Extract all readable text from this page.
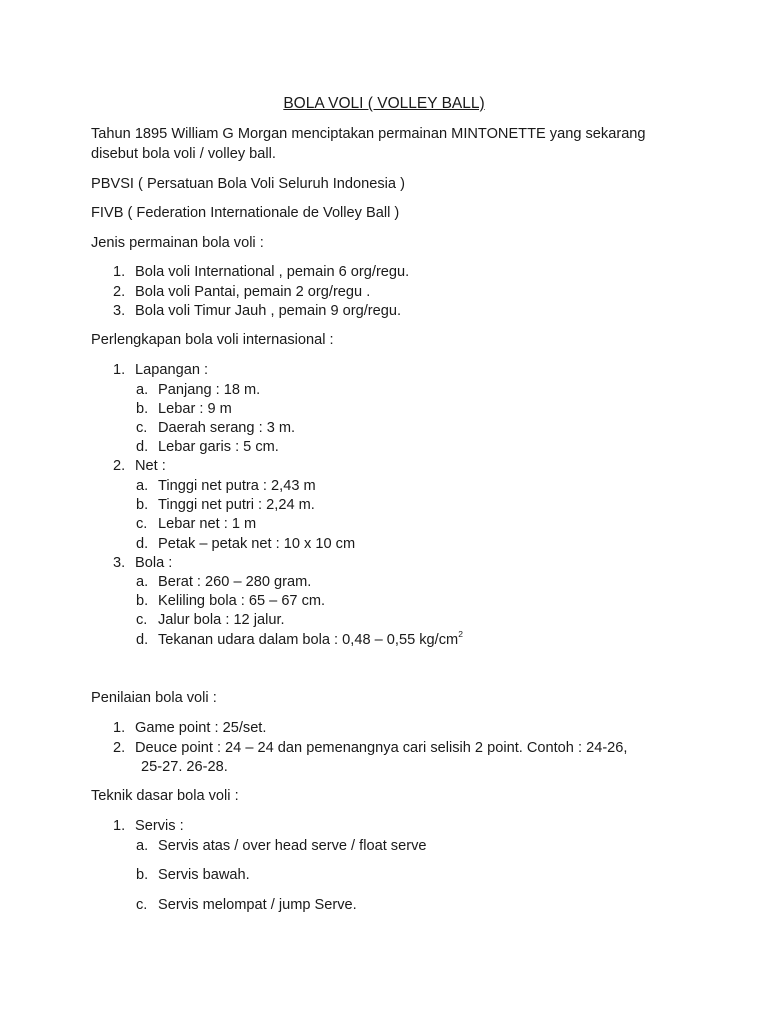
BOLA VOLI ( VOLLEY BALL)
Tahun 1895 William G Morgan menciptakan permainan MINTONETTE yang sekarang
disebut bola voli / volley ball.
PBVSI ( Persatuan Bola Voli Seluruh Indonesia )
FIVB ( Federation Internationale de Volley Ball )
Jenis permainan bola voli :
1. Bola voli International , pemain 6 org/regu.
2. Bola voli Pantai, pemain 2 org/regu .
3. Bola voli Timur Jauh , pemain 9 org/regu.
Perlengkapan bola voli internasional :
1. Lapangan :
a. Panjang : 18 m.
b. Lebar : 9 m
c. Daerah serang : 3 m.
d. Lebar garis : 5 cm.
2. Net :
a. Tinggi net putra : 2,43 m
b. Tinggi net putri : 2,24 m.
c. Lebar net : 1 m
d. Petak – petak net : 10 x 10 cm
3. Bola :
a. Berat : 260 – 280 gram.
b. Keliling bola : 65 – 67 cm.
c. Jalur bola : 12 jalur.
d. Tekanan udara dalam bola : 0,48 – 0,55 $kg/cm^2$
Penilaian bola voli :
1. Game point : 25/set.
2. Deuce point : 24 – 24 dan pemenangnya cari selisih 2 point. Contoh : 24-26,
25-27. 26-28.
Teknik dasar bola voli :
1. Servis :
a. Servis atas / over head serve / float serve
b. Servis bawah.
c. Servis melompat / jump Serve.
